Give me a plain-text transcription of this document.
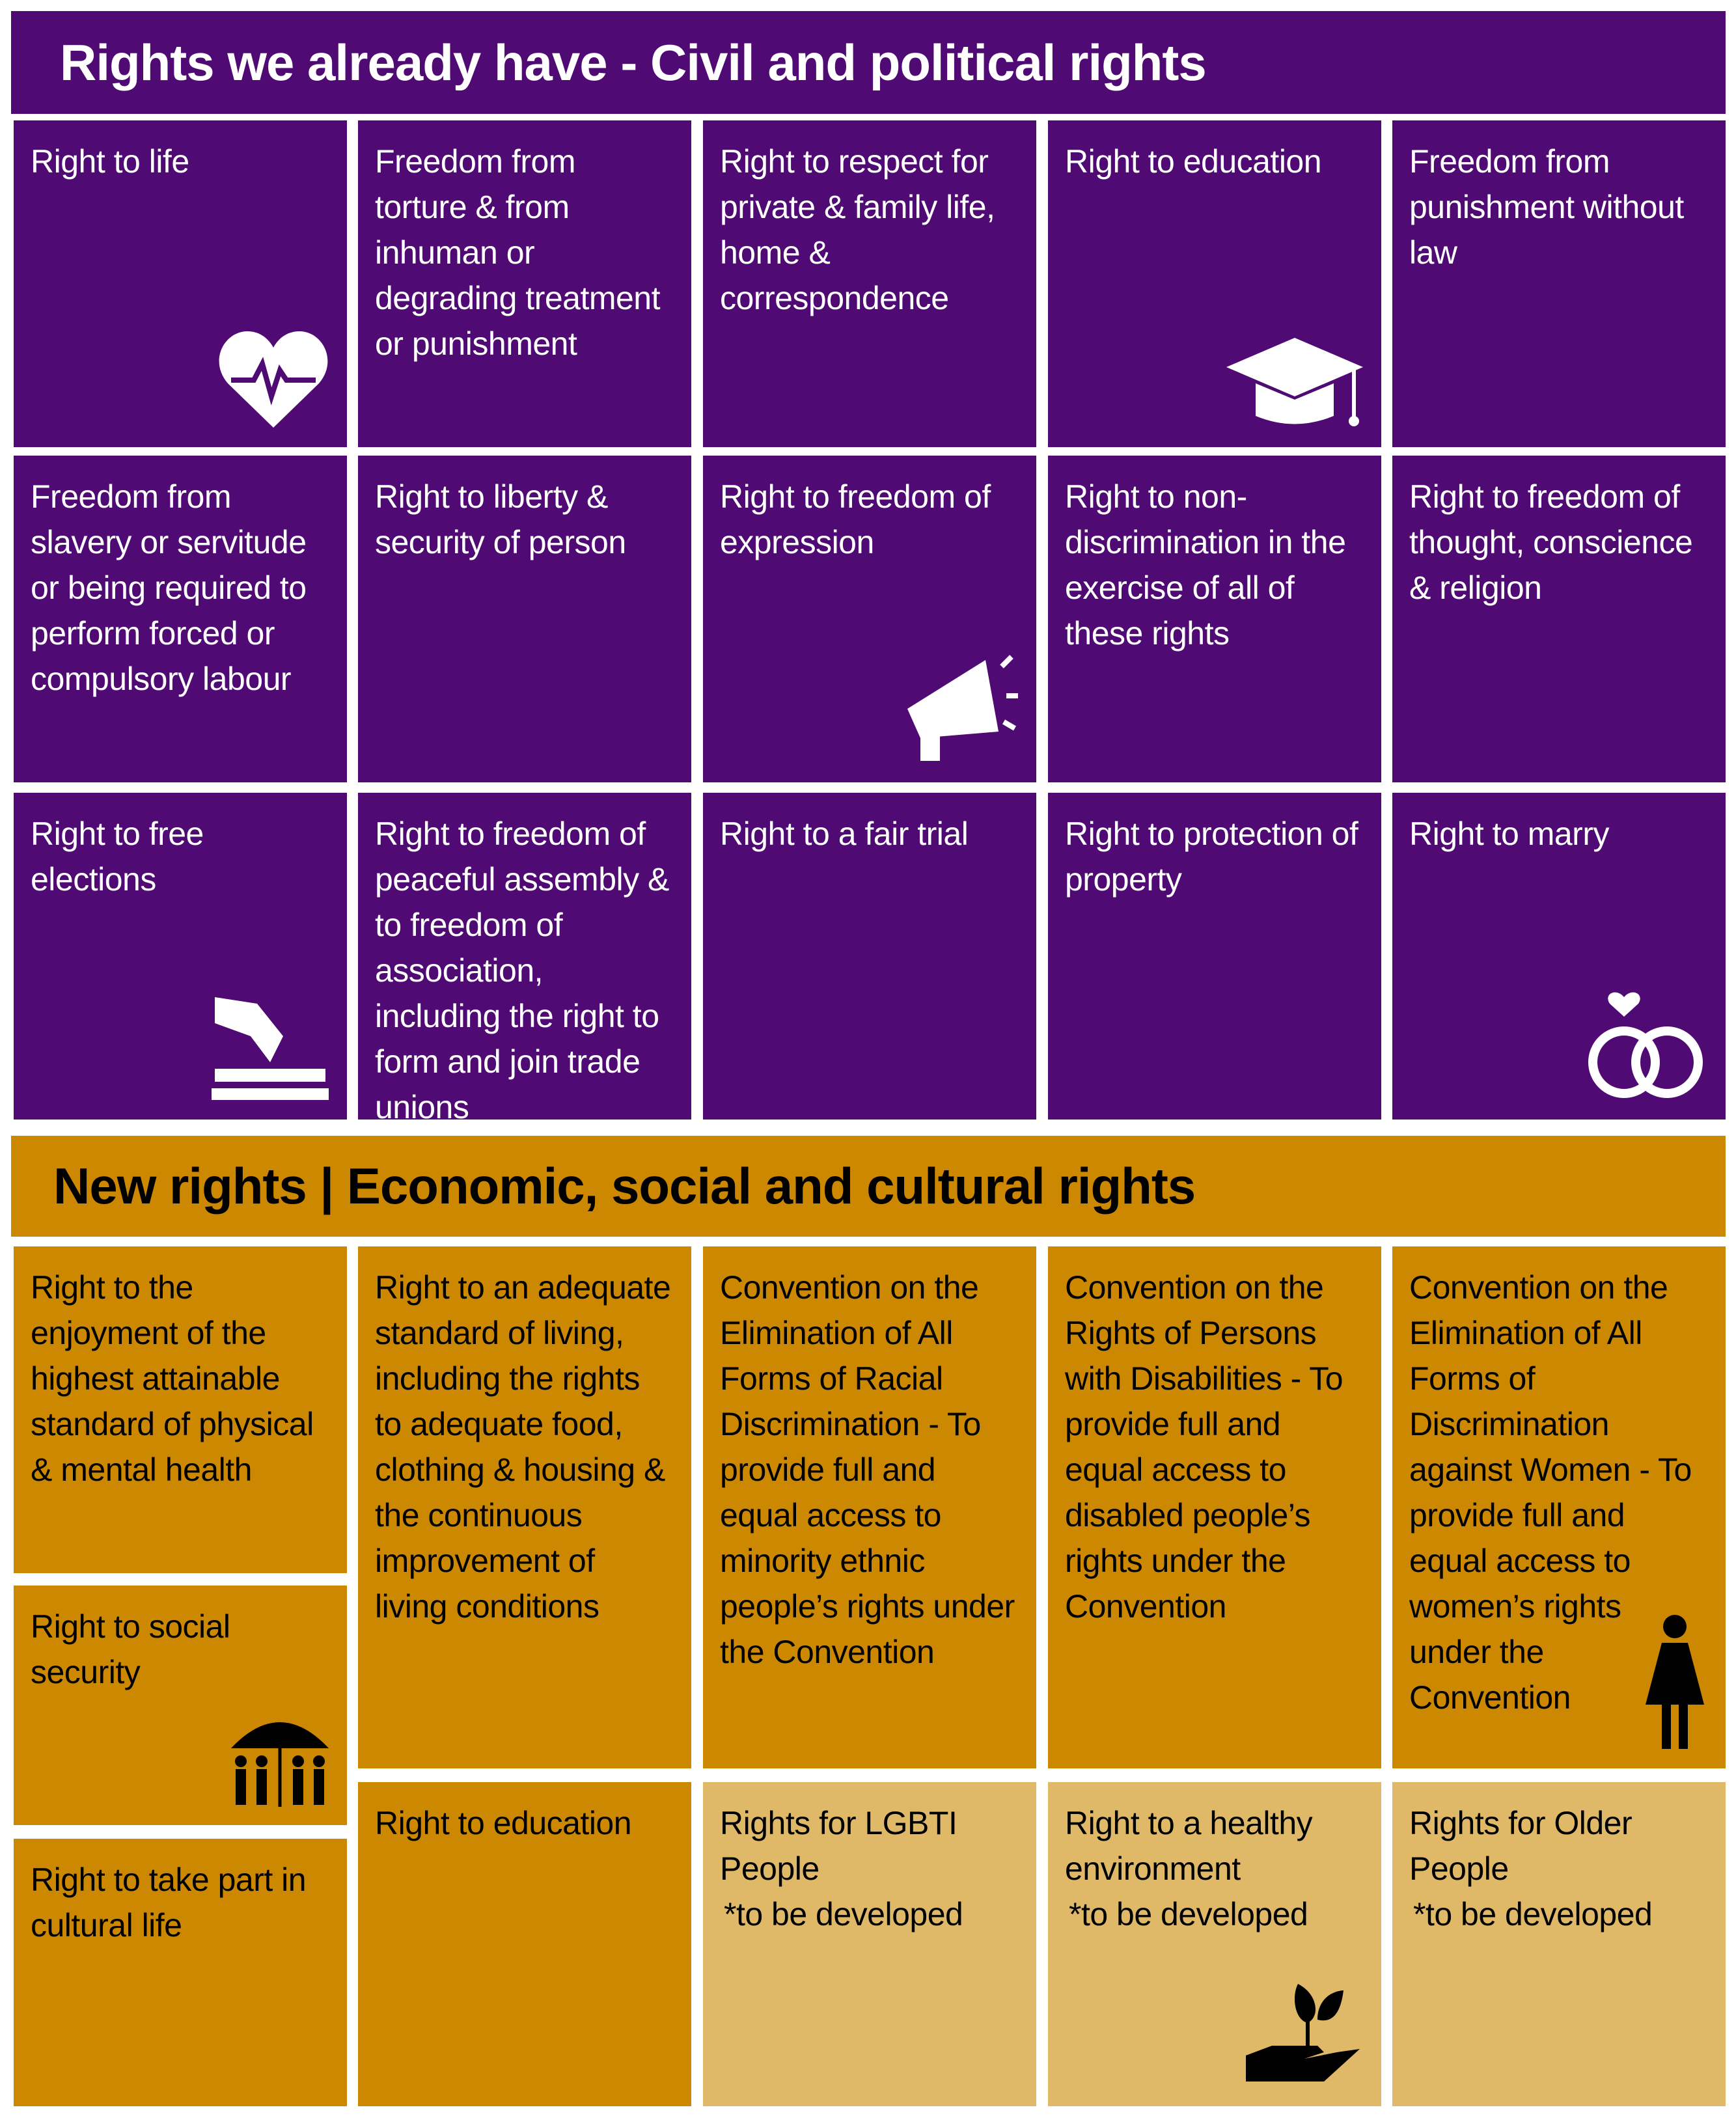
Rights we already have - Civil and political rights
Right to life	Freedom from torture & from inhuman or degrading treatment or punishment
Right to respect for private & family life, home & correspondence
Right to education	Freedom from punishment without law
Freedom from slavery or servitude or being required to perform forced or compulsory labour
Right to liberty & security of person
Right to freedom of expression
Right to non-discrimination in the exercise of all of these rights
Right to freedom of thought, conscience & religion
Right to free elections
Right to freedom of peaceful assembly & to freedom of association, including the right to form and join trade unions
Right to a fair trial	Right to protection of property
Right to marry
New rights | Economic, social and cultural rights
Right to the enjoyment of the highest attainable standard of physical & mental health
Right to social security
Right to take part in cultural life
Right to an adequate standard of living, including the rights to adequate food, clothing & housing & the continuous improvement of living conditions
Convention on the Elimination of All Forms of Racial Discrimination - To provide full and equal access to minority ethnic people’s rights under the Convention
Convention on the Rights of Persons with Disabilities - To provide full and equal access to disabled people’s rights under the Convention
Convention on the Elimination of All Forms of Discrimination against Women - To provide full and equal access to women’s rights under the Convention
Right to education	Rights for LGBTI People
*to be developed
Right to a healthy environment
*to be developed
Rights for Older People
*to be developed
